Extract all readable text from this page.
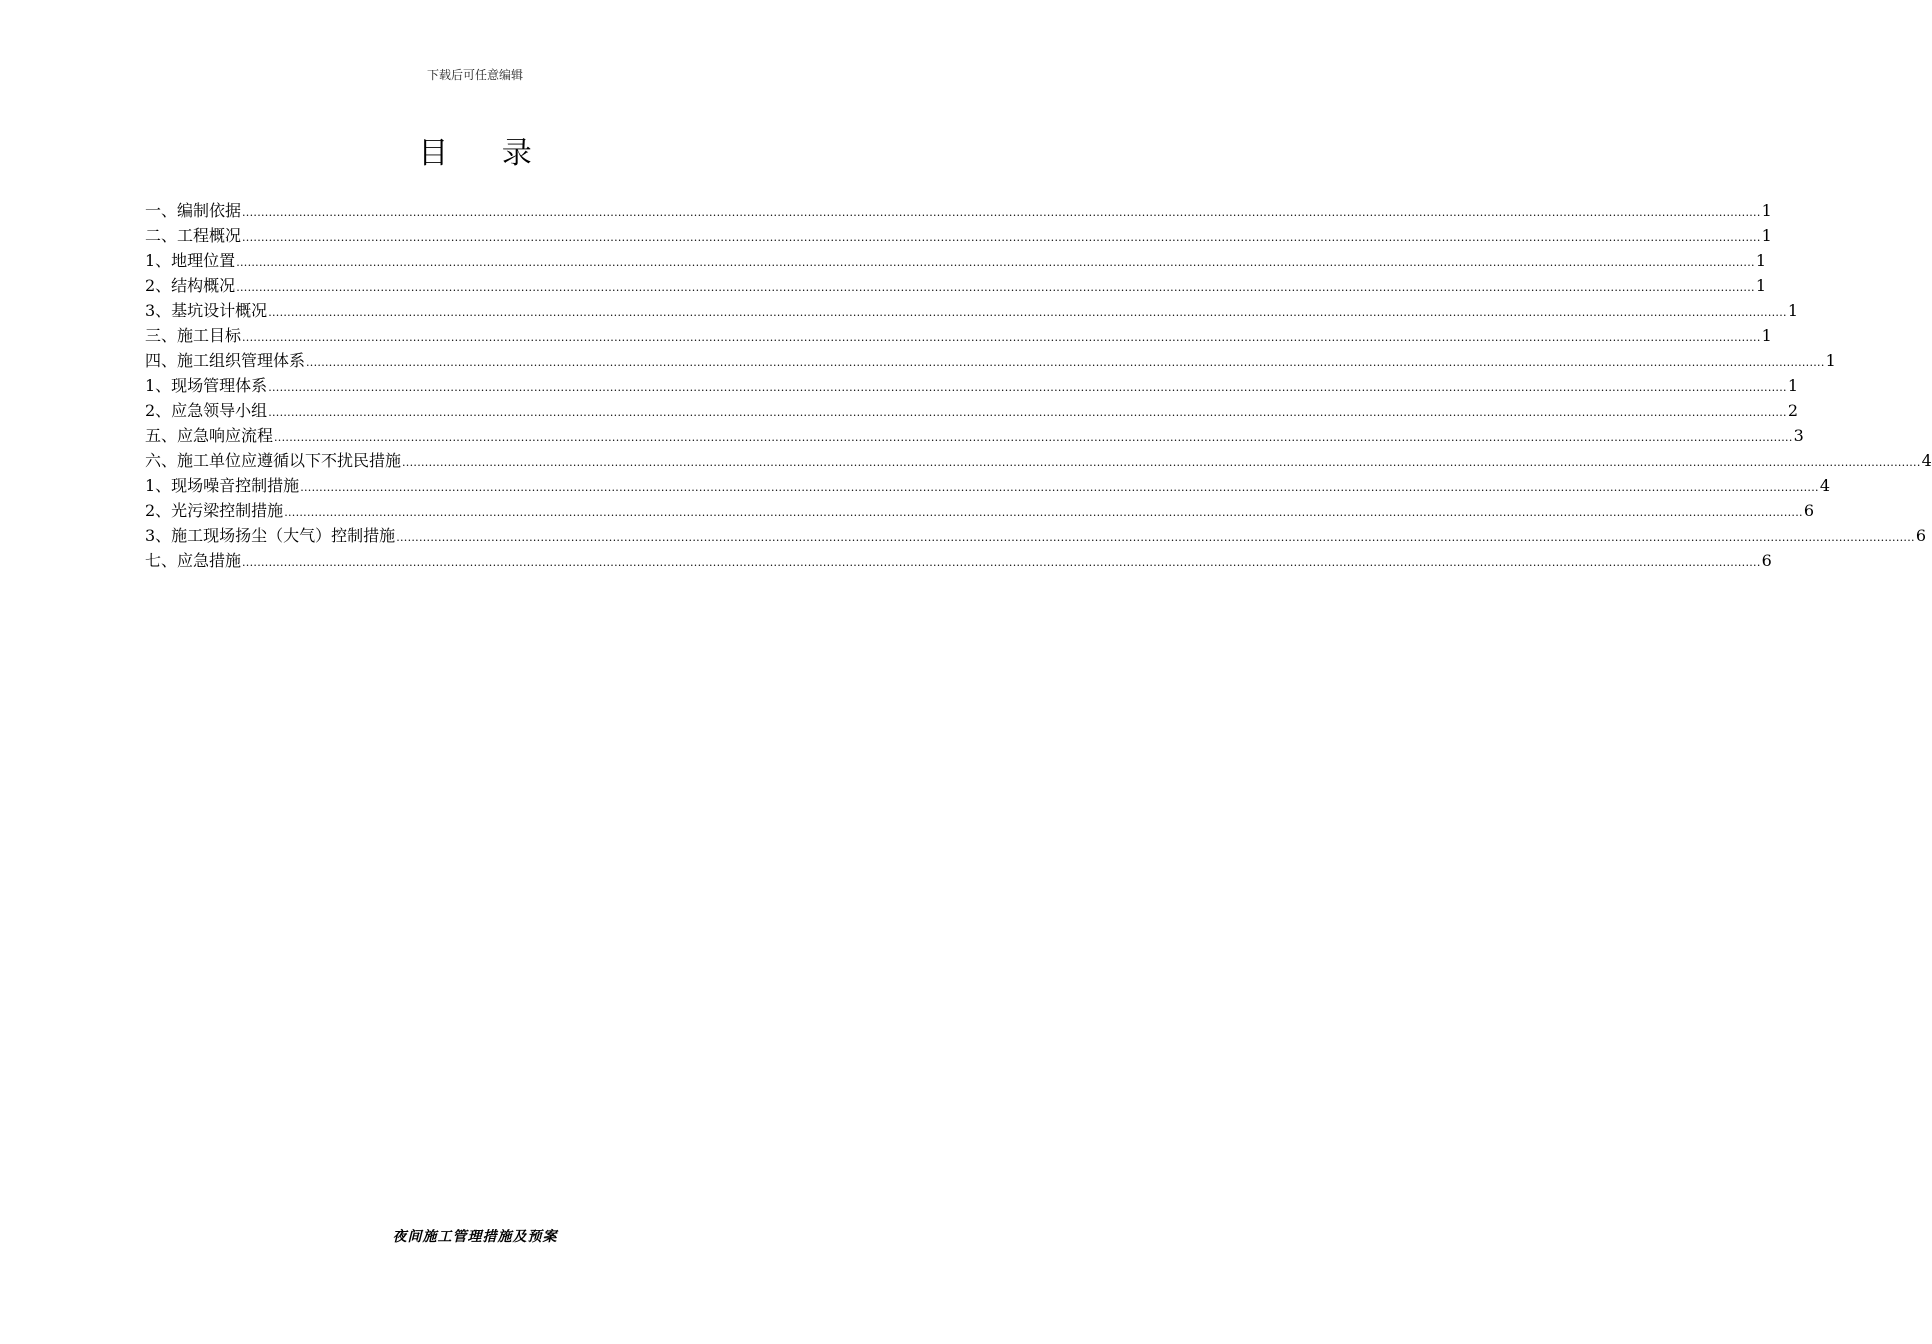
下载后可任意编辑
目 录
一、编制依据 ................................................................................................................................................................................................................................................................................................................................................................................................................ 1
二、工程概况 ................................................................................................................................................................................................................................................................................................................................................................................................................ 1
1、地理位置 ................................................................................................................................................................................................................................................................................................................................................................................................................ 1
2、结构概况 ................................................................................................................................................................................................................................................................................................................................................................................................................ 1
3、基坑设计概况 ................................................................................................................................................................................................................................................................................................................................................................................................................ 1
三、施工目标 ................................................................................................................................................................................................................................................................................................................................................................................................................ 1
四、施工组织管理体系 ................................................................................................................................................................................................................................................................................................................................................................................................................ 1
1、现场管理体系 ................................................................................................................................................................................................................................................................................................................................................................................................................ 1
2、应急领导小组 ................................................................................................................................................................................................................................................................................................................................................................................................................ 2
五、应急响应流程 ................................................................................................................................................................................................................................................................................................................................................................................................................ 3
六、施工单位应遵循以下不扰民措施 ................................................................................................................................................................................................................................................................................................................................................................................................................ 4
1、现场噪音控制措施 ................................................................................................................................................................................................................................................................................................................................................................................................................ 4
2、光污梁控制措施 ................................................................................................................................................................................................................................................................................................................................................................................................................ 6
3、施工现场扬尘（大气）控制措施 ................................................................................................................................................................................................................................................................................................................................................................................................................ 6
七、应急措施 ................................................................................................................................................................................................................................................................................................................................................................................................................ 6
夜间施工管理措施及预案
